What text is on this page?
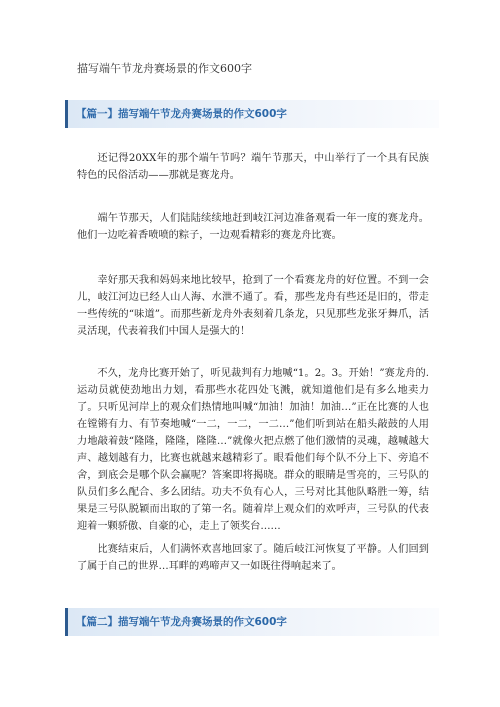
描写端午节龙舟赛场景的作文600字
【篇一】描写端午节龙舟赛场景的作文600字

还记得20XX年的那个端午节吗？端午节那天，中山举行了一个具有民族特色的民俗活动——那就是赛龙舟。

端午节那天，人们陆陆续续地赶到岐江河边准备观看一年一度的赛龙舟。他们一边吃着香喷喷的粽子，一边观看精彩的赛龙舟比赛。

幸好那天我和妈妈来地比较早，抢到了一个看赛龙舟的好位置。不到一会儿，岐江河边已经人山人海、水泄不通了。看，那些龙舟有些还是旧的，带走一些传统的“味道”。而那些新龙舟外表刻着几条龙，只见那些龙张牙舞爪，活灵活现，代表着我们中国人是强大的！

不久，龙舟比赛开始了，听见裁判有力地喊“1。2。3。开始！”赛龙舟的.运动员就使劲地出力划，看那些水花四处飞溅，就知道他们是有多么地卖力了。只听见河岸上的观众们热情地叫喊“加油！加油！加油…”正在比赛的人也在镗锵有力、有节奏地喊“一二，一二，一二…”他们听到站在船头敲鼓的人用力地敲着鼓“隆隆，隆隆，隆隆…”就像火把点燃了他们激情的灵魂，越喊越大声、越划越有力，比赛也就越来越精彩了。眼看他们每个队不分上下、旁追不舍，到底会是哪个队会赢呢？答案即将揭晓。群众的眼睛是雪亮的，三号队的队员们多么配合、多么团结。功夫不负有心人，三号对比其他队略胜一筹，结果是三号队脱颖而出取的了第一名。随着岸上观众们的欢呼声，三号队的代表迎着一颗骄傲、自豪的心，走上了领奖台……

比赛结束后，人们满怀欢喜地回家了。随后岐江河恢复了平静。人们回到了属于自己的世界…耳畔的鸡啼声又一如既往得响起来了。

【篇二】描写端午节龙舟赛场景的作文600字
